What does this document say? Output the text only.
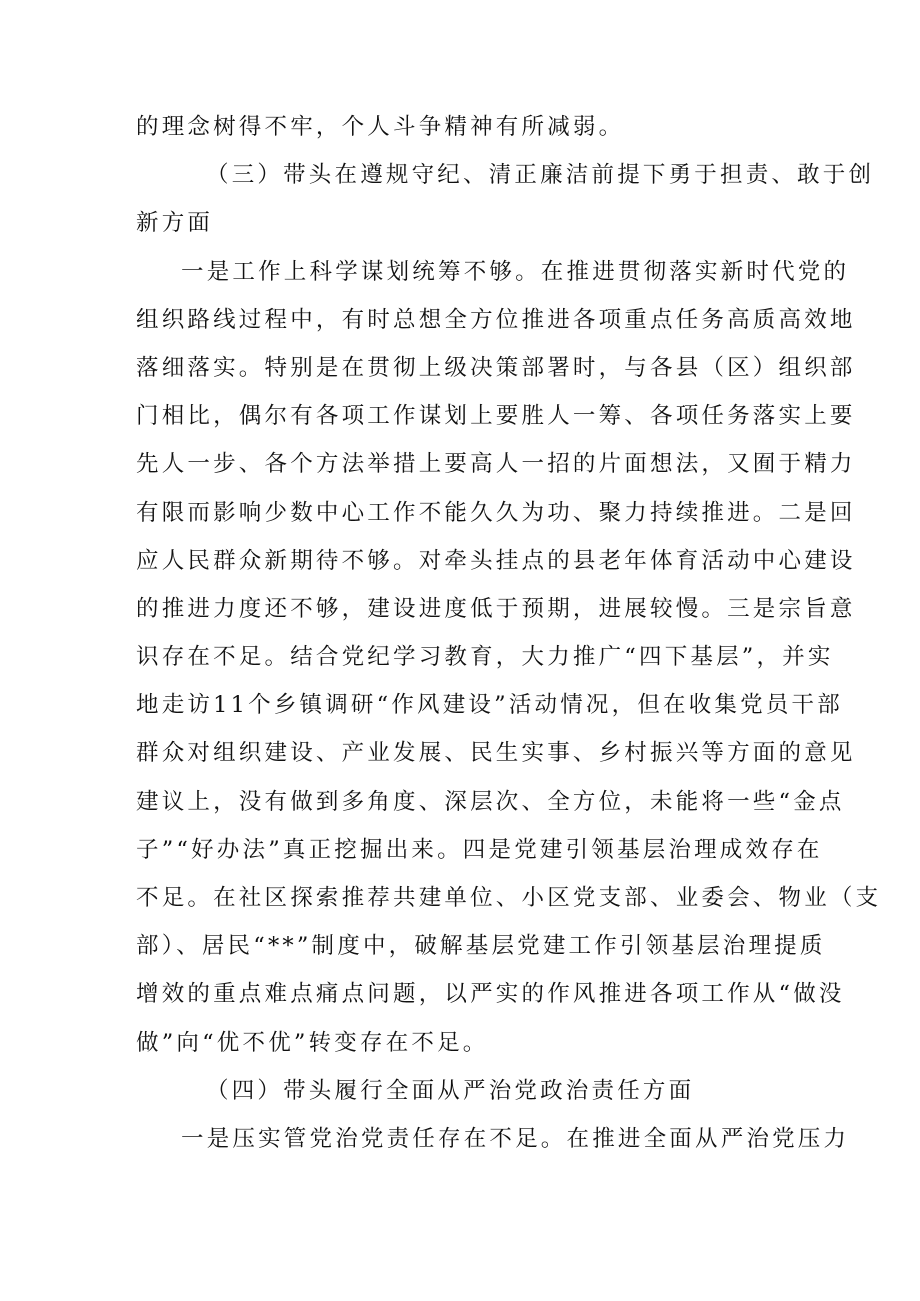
的理念树得不牢，个人斗争精神有所减弱。
（三）带头在遵规守纪、清正廉洁前提下勇于担责、敢于创
新方面
一是工作上科学谋划统筹不够。在推进贯彻落实新时代党的
组织路线过程中，有时总想全方位推进各项重点任务高质高效地
落细落实。特别是在贯彻上级决策部署时，与各县（区）组织部
门相比，偶尔有各项工作谋划上要胜人一筹、各项任务落实上要
先人一步、各个方法举措上要高人一招的片面想法，又囿于精力
有限而影响少数中心工作不能久久为功、聚力持续推进。二是回
应人民群众新期待不够。对牵头挂点的县老年体育活动中心建设
的推进力度还不够，建设进度低于预期，进展较慢。三是宗旨意
识存在不足。结合党纪学习教育，大力推广“四下基层”，并实
地走访11个乡镇调研“作风建设”活动情况，但在收集党员干部
群众对组织建设、产业发展、民生实事、乡村振兴等方面的意见
建议上，没有做到多角度、深层次、全方位，未能将一些“金点
子”“好办法”真正挖掘出来。四是党建引领基层治理成效存在
不足。在社区探索推荐共建单位、小区党支部、业委会、物业（支
部）、居民“**”制度中，破解基层党建工作引领基层治理提质
增效的重点难点痛点问题，以严实的作风推进各项工作从“做没
做”向“优不优”转变存在不足。
（四）带头履行全面从严治党政治责任方面
一是压实管党治党责任存在不足。在推进全面从严治党压力
